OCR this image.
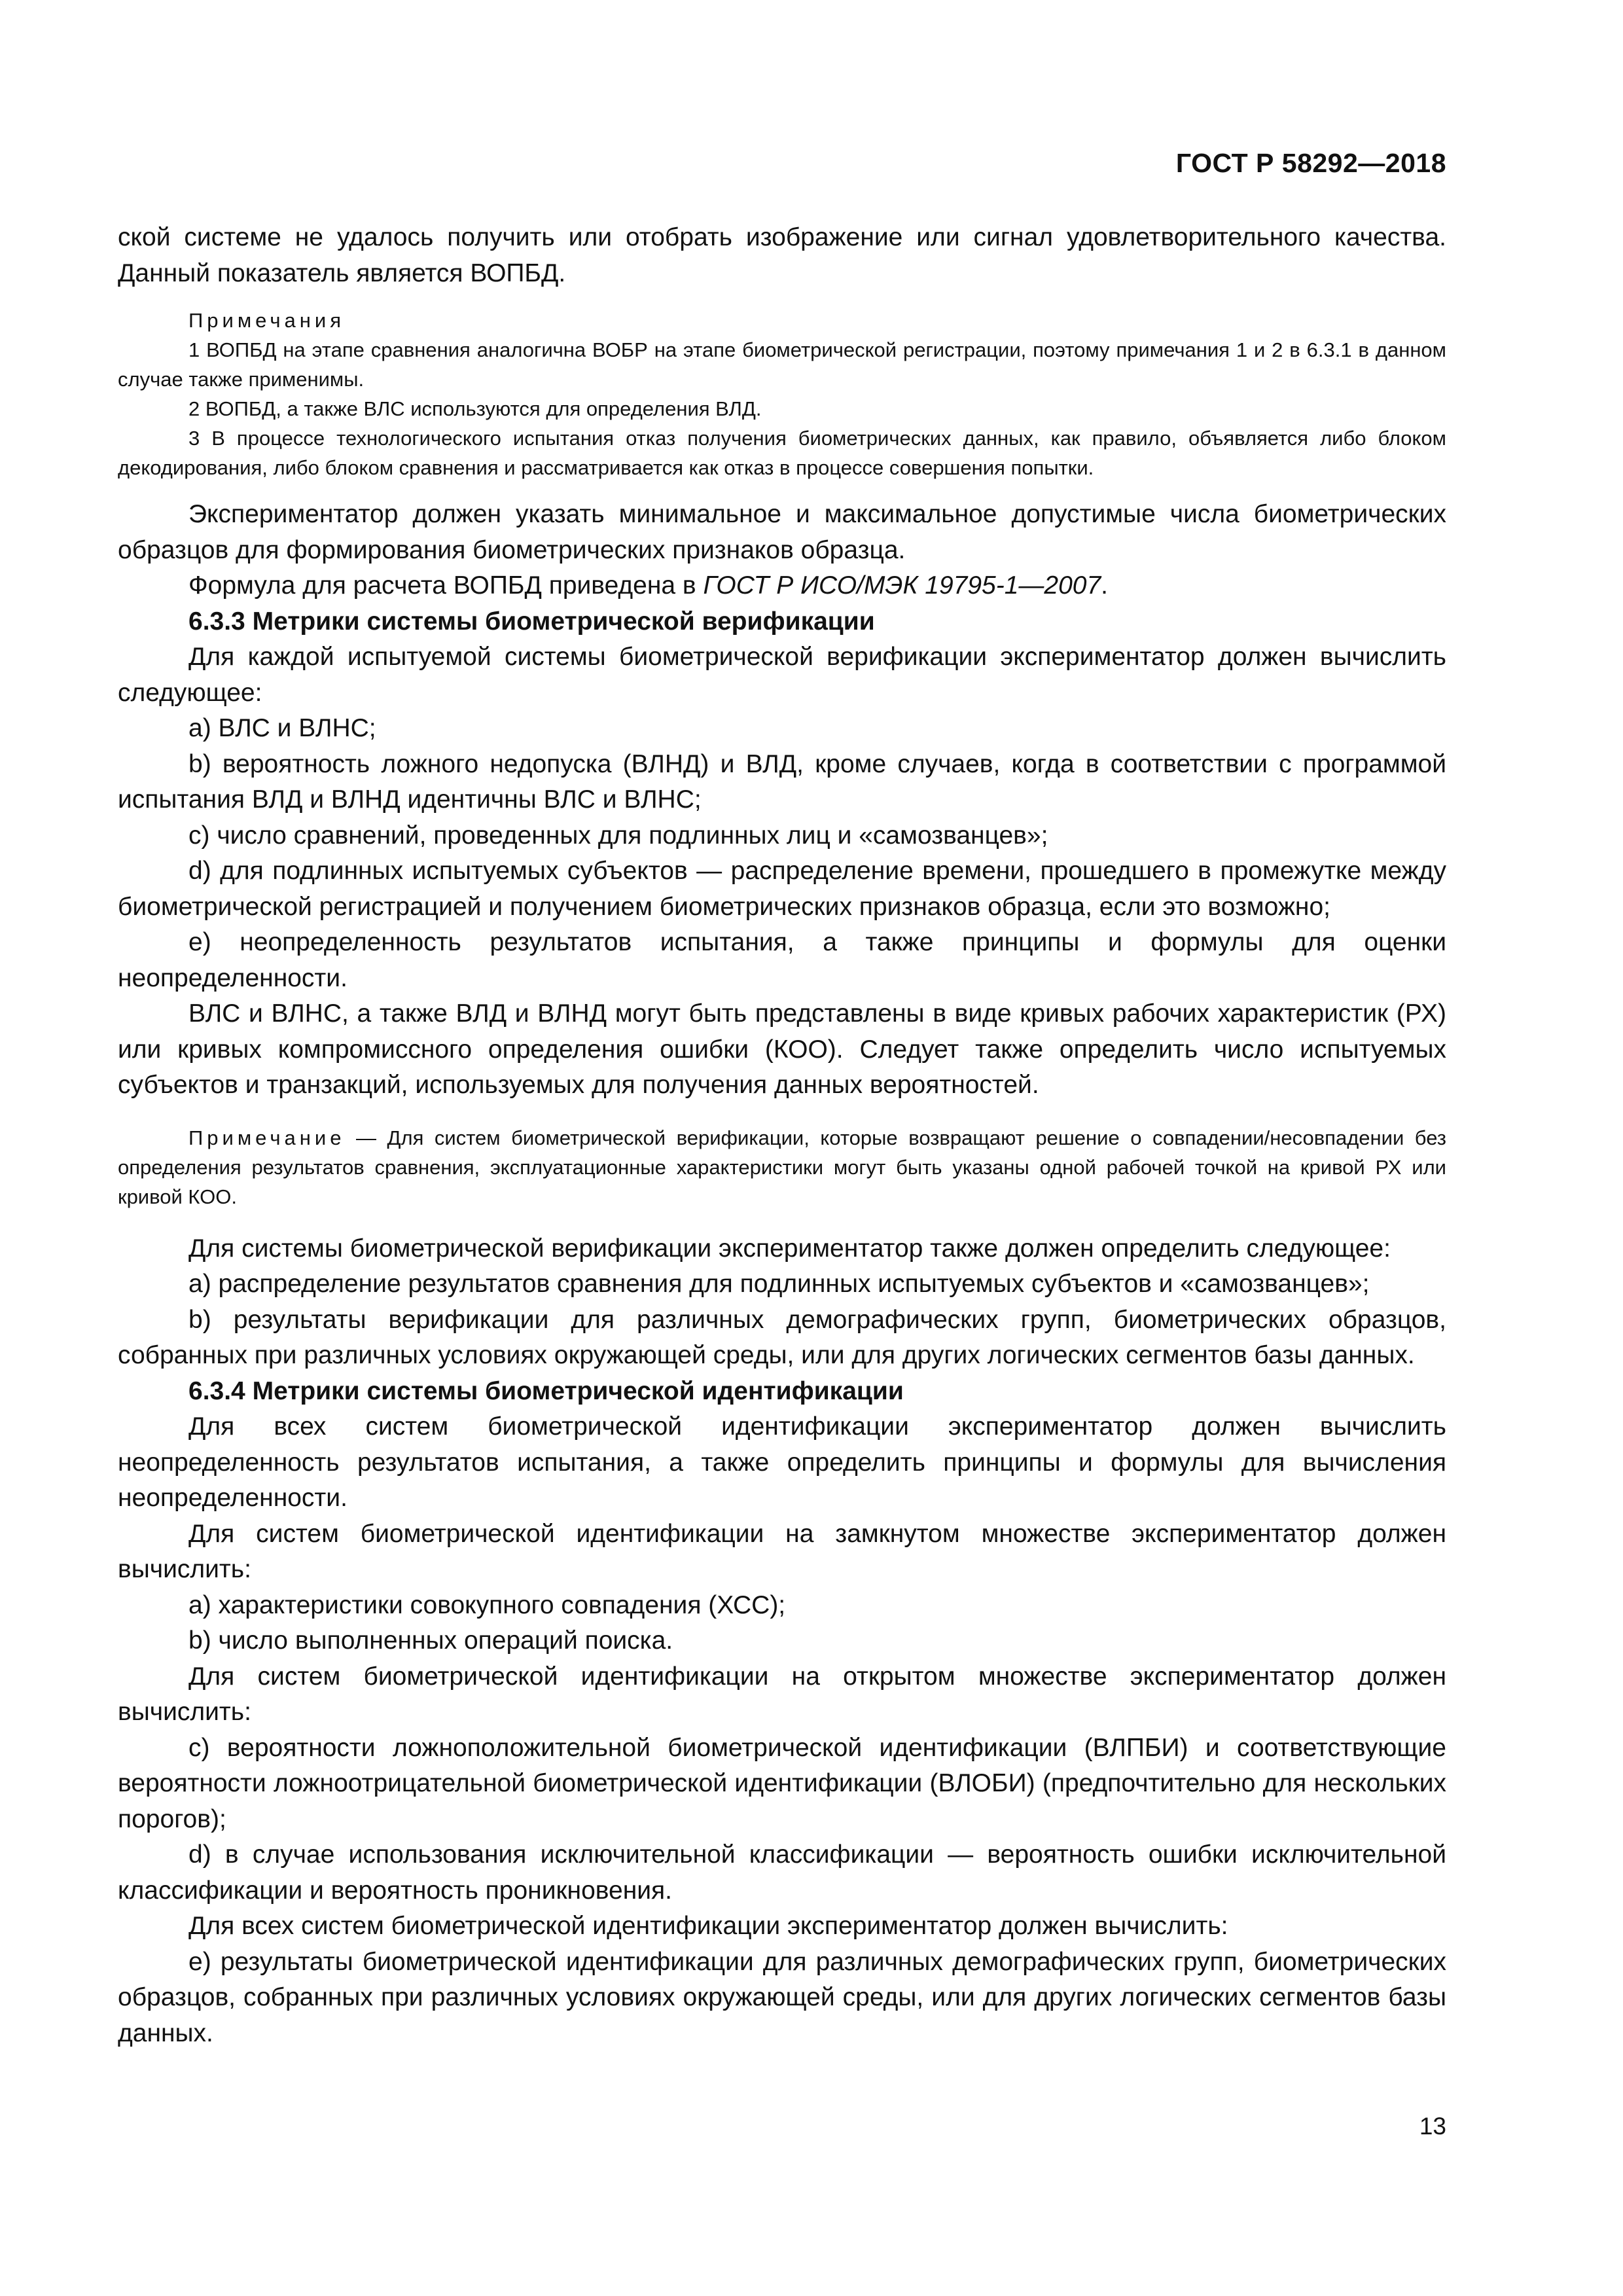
ГОСТ Р 58292—2018

ской системе не удалось получить или отобрать изображение или сигнал удовлетворительного качества. Данный показатель является ВОПБД.

Примечания

1 ВОПБД на этапе сравнения аналогична ВОБР на этапе биометрической регистрации, поэтому примечания 1 и 2 в 6.3.1 в данном случае также применимы.

2 ВОПБД, а также ВЛС используются для определения ВЛД.

3 В процессе технологического испытания отказ получения биометрических данных, как правило, объявляется либо блоком декодирования, либо блоком сравнения и рассматривается как отказ в процессе совершения попытки.

Экспериментатор должен указать минимальное и максимальное допустимые числа биометрических образцов для формирования биометрических признаков образца.

Формула для расчета ВОПБД приведена в ГОСТ Р ИСО/МЭК 19795-1—2007.

6.3.3 Метрики системы биометрической верификации

Для каждой испытуемой системы биометрической верификации экспериментатор должен вычислить следующее:

a) ВЛС и ВЛНС;

b) вероятность ложного недопуска (ВЛНД) и ВЛД, кроме случаев, когда в соответствии с программой испытания ВЛД и ВЛНД идентичны ВЛС и ВЛНС;

c) число сравнений, проведенных для подлинных лиц и «самозванцев»;

d) для подлинных испытуемых субъектов — распределение времени, прошедшего в промежутке между биометрической регистрацией и получением биометрических признаков образца, если это возможно;

e) неопределенность результатов испытания, а также принципы и формулы для оценки неопределенности.

ВЛС и ВЛНС, а также ВЛД и ВЛНД могут быть представлены в виде кривых рабочих характеристик (РХ) или кривых компромиссного определения ошибки (КОО). Следует также определить число испытуемых субъектов и транзакций, используемых для получения данных вероятностей.

Примечание — Для систем биометрической верификации, которые возвращают решение о совпадении/несовпадении без определения результатов сравнения, эксплуатационные характеристики могут быть указаны одной рабочей точкой на кривой РХ или кривой КОО.

Для системы биометрической верификации экспериментатор также должен определить следующее:

a) распределение результатов сравнения для подлинных испытуемых субъектов и «самозванцев»;

b) результаты верификации для различных демографических групп, биометрических образцов, собранных при различных условиях окружающей среды, или для других логических сегментов базы данных.

6.3.4 Метрики системы биометрической идентификации

Для всех систем биометрической идентификации экспериментатор должен вычислить неопределенность результатов испытания, а также определить принципы и формулы для вычисления неопределенности.

Для систем биометрической идентификации на замкнутом множестве экспериментатор должен вычислить:

a) характеристики совокупного совпадения (ХСС);

b) число выполненных операций поиска.

Для систем биометрической идентификации на открытом множестве экспериментатор должен вычислить:

c) вероятности ложноположительной биометрической идентификации (ВЛПБИ) и соответствующие вероятности ложноотрицательной биометрической идентификации (ВЛОБИ) (предпочтительно для нескольких порогов);

d) в случае использования исключительной классификации — вероятность ошибки исключительной классификации и вероятность проникновения.

Для всех систем биометрической идентификации экспериментатор должен вычислить:

e) результаты биометрической идентификации для различных демографических групп, биометрических образцов, собранных при различных условиях окружающей среды, или для других логических сегментов базы данных.

13
